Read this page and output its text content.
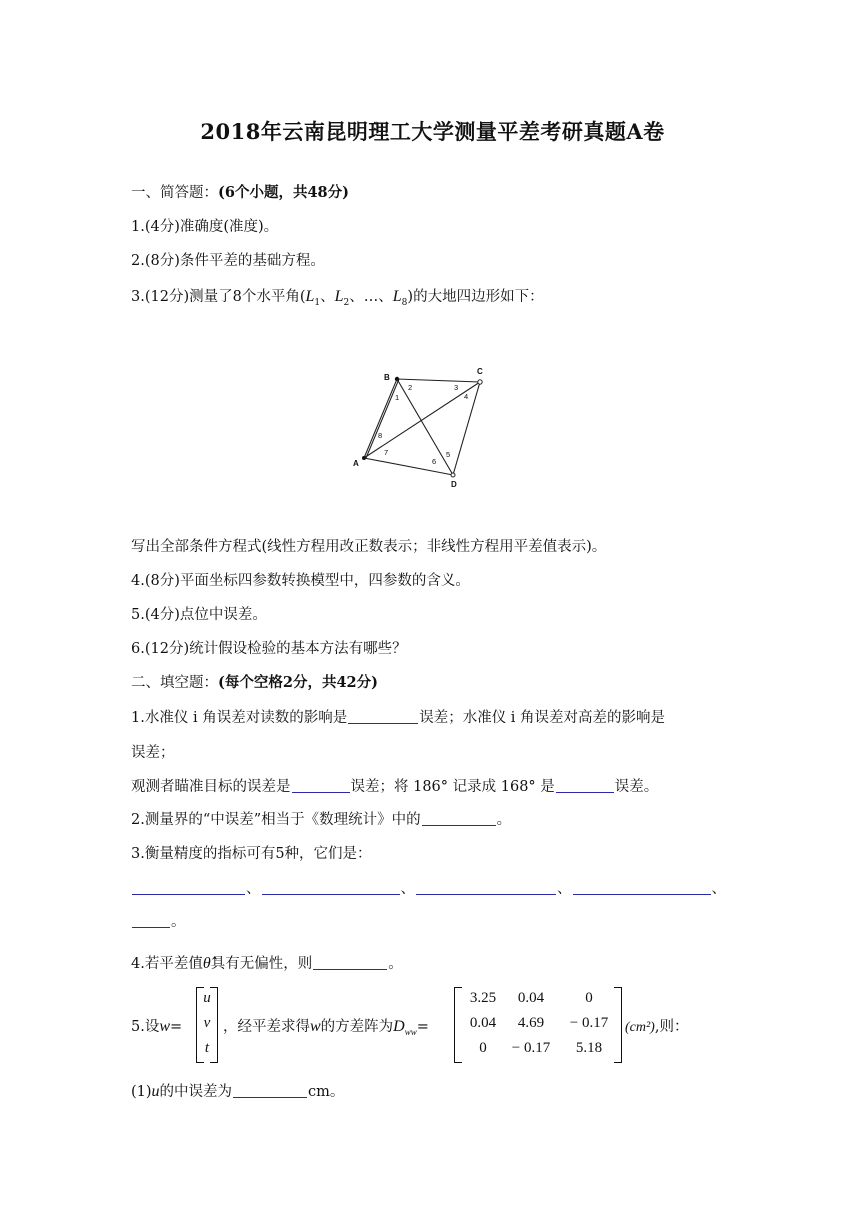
2018年云南昆明理工大学测量平差考研真题A卷
一、简答题：(6个小题，共48分)
1.(4分)准确度(准度)。
2.(8分)条件平差的基础方程。
3.(12分)测量了8个水平角($L_1$、$L_2$、…、$L_8$)的大地四边形如下：
B
C
A
D
1
2	3
4
5
6
7
8
写出全部条件方程式(线性方程用改正数表示；非线性方程用平差值表示)。
4.(8分)平面坐标四参数转换模型中，四参数的含义。
5.(4分)点位中误差。
6.(12分)统计假设检验的基本方法有哪些？
二、填空题：(每个空格2分，共42分)
1.水准仪 i 角误差对读数的影响是	误差；水准仪 i 角误差对高差的影响是
误差；
观测者瞄准目标的误差是	误差；将 186° 记录成 168° 是	误差。
2.测量界的“中误差”相当于《数理统计》中的	。
3.衡量精度的指标可有5种，它们是：
、	、	、	、
。
4.若平差值θ̂具有无偏性，则	。
5.设w=
u
v
t
，经平差求得w的方差阵为$D_{ww}=$
3.25	0.04	0
0.04	4.69	− 0.17
0	− 0.17	5.18
(cm²),则：
(1)u的中误差为	cm。
